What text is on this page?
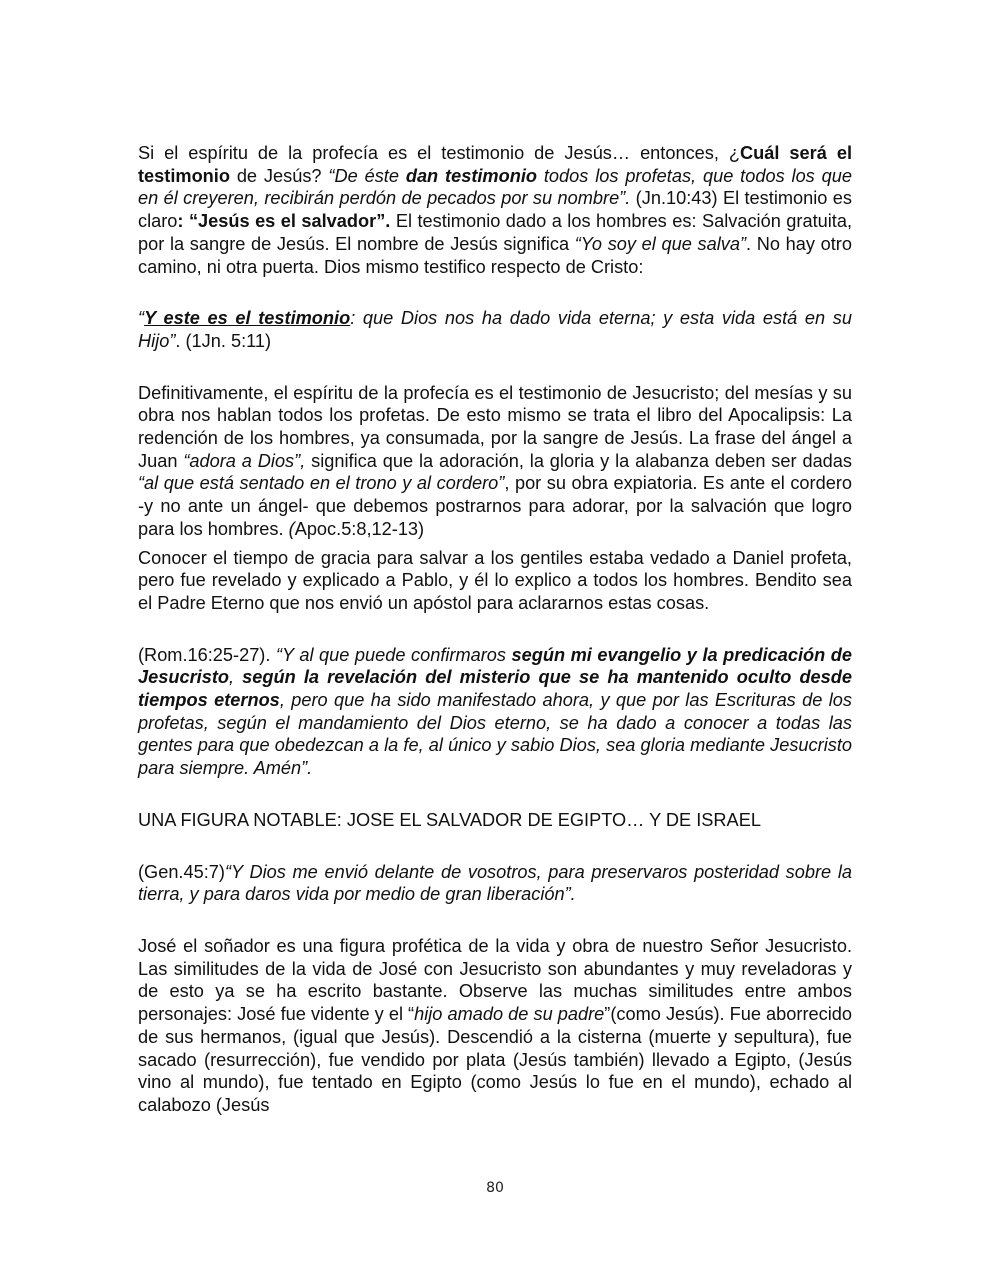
Si el espíritu de la profecía es el testimonio de Jesús… entonces, ¿Cuál será el testimonio de Jesús? “De éste dan testimonio todos los profetas, que todos los que en él creyeren, recibirán perdón de pecados por su nombre”. (Jn.10:43) El testimonio es claro: “Jesús es el salvador”. El testimonio dado a los hombres es: Salvación gratuita, por la sangre de Jesús. El nombre de Jesús significa “Yo soy el que salva”. No hay otro camino, ni otra puerta. Dios mismo testifico respecto de Cristo:

“Y este es el testimonio: que Dios nos ha dado vida eterna; y esta vida está en su Hijo”. (1Jn. 5:11)

Definitivamente, el espíritu de la profecía es el testimonio de Jesucristo; del mesías y su obra nos hablan todos los profetas. De esto mismo se trata el libro del Apocalipsis: La redención de los hombres, ya consumada, por la sangre de Jesús. La frase del ángel a Juan “adora a Dios”, significa que la adoración, la gloria y la alabanza deben ser dadas “al que está sentado en el trono y al cordero”, por su obra expiatoria. Es ante el cordero -y no ante un ángel- que debemos postrarnos para adorar, por la salvación que logro para los hombres. (Apoc.5:8,12-13)

Conocer el tiempo de gracia para salvar a los gentiles estaba vedado a Daniel profeta, pero fue revelado y explicado a Pablo, y él lo explico a todos los hombres. Bendito sea el Padre Eterno que nos envió un apóstol para aclararnos estas cosas.

(Rom.16:25-27). “Y al que puede confirmaros según mi evangelio y la predicación de Jesucristo, según la revelación del misterio que se ha mantenido oculto desde tiempos eternos, pero que ha sido manifestado ahora, y que por las Escrituras de los profetas, según el mandamiento del Dios eterno, se ha dado a conocer a todas las gentes para que obedezcan a la fe, al único y sabio Dios, sea gloria mediante Jesucristo para siempre. Amén”.

UNA FIGURA NOTABLE: JOSE EL SALVADOR DE EGIPTO… Y DE ISRAEL

(Gen.45:7)“Y Dios me envió delante de vosotros, para preservaros posteridad sobre la tierra, y para daros vida por medio de gran liberación”.

José el soñador es una figura profética de la vida y obra de nuestro Señor Jesucristo. Las similitudes de la vida de José con Jesucristo son abundantes y muy reveladoras y de esto ya se ha escrito bastante. Observe las muchas similitudes entre ambos personajes: José fue vidente y el “hijo amado de su padre”(como Jesús). Fue aborrecido de sus hermanos, (igual que Jesús). Descendió a la cisterna (muerte y sepultura), fue sacado (resurrección), fue vendido por plata (Jesús también) llevado a Egipto, (Jesús vino al mundo), fue tentado en Egipto (como Jesús lo fue en el mundo), echado al calabozo (Jesús

80
